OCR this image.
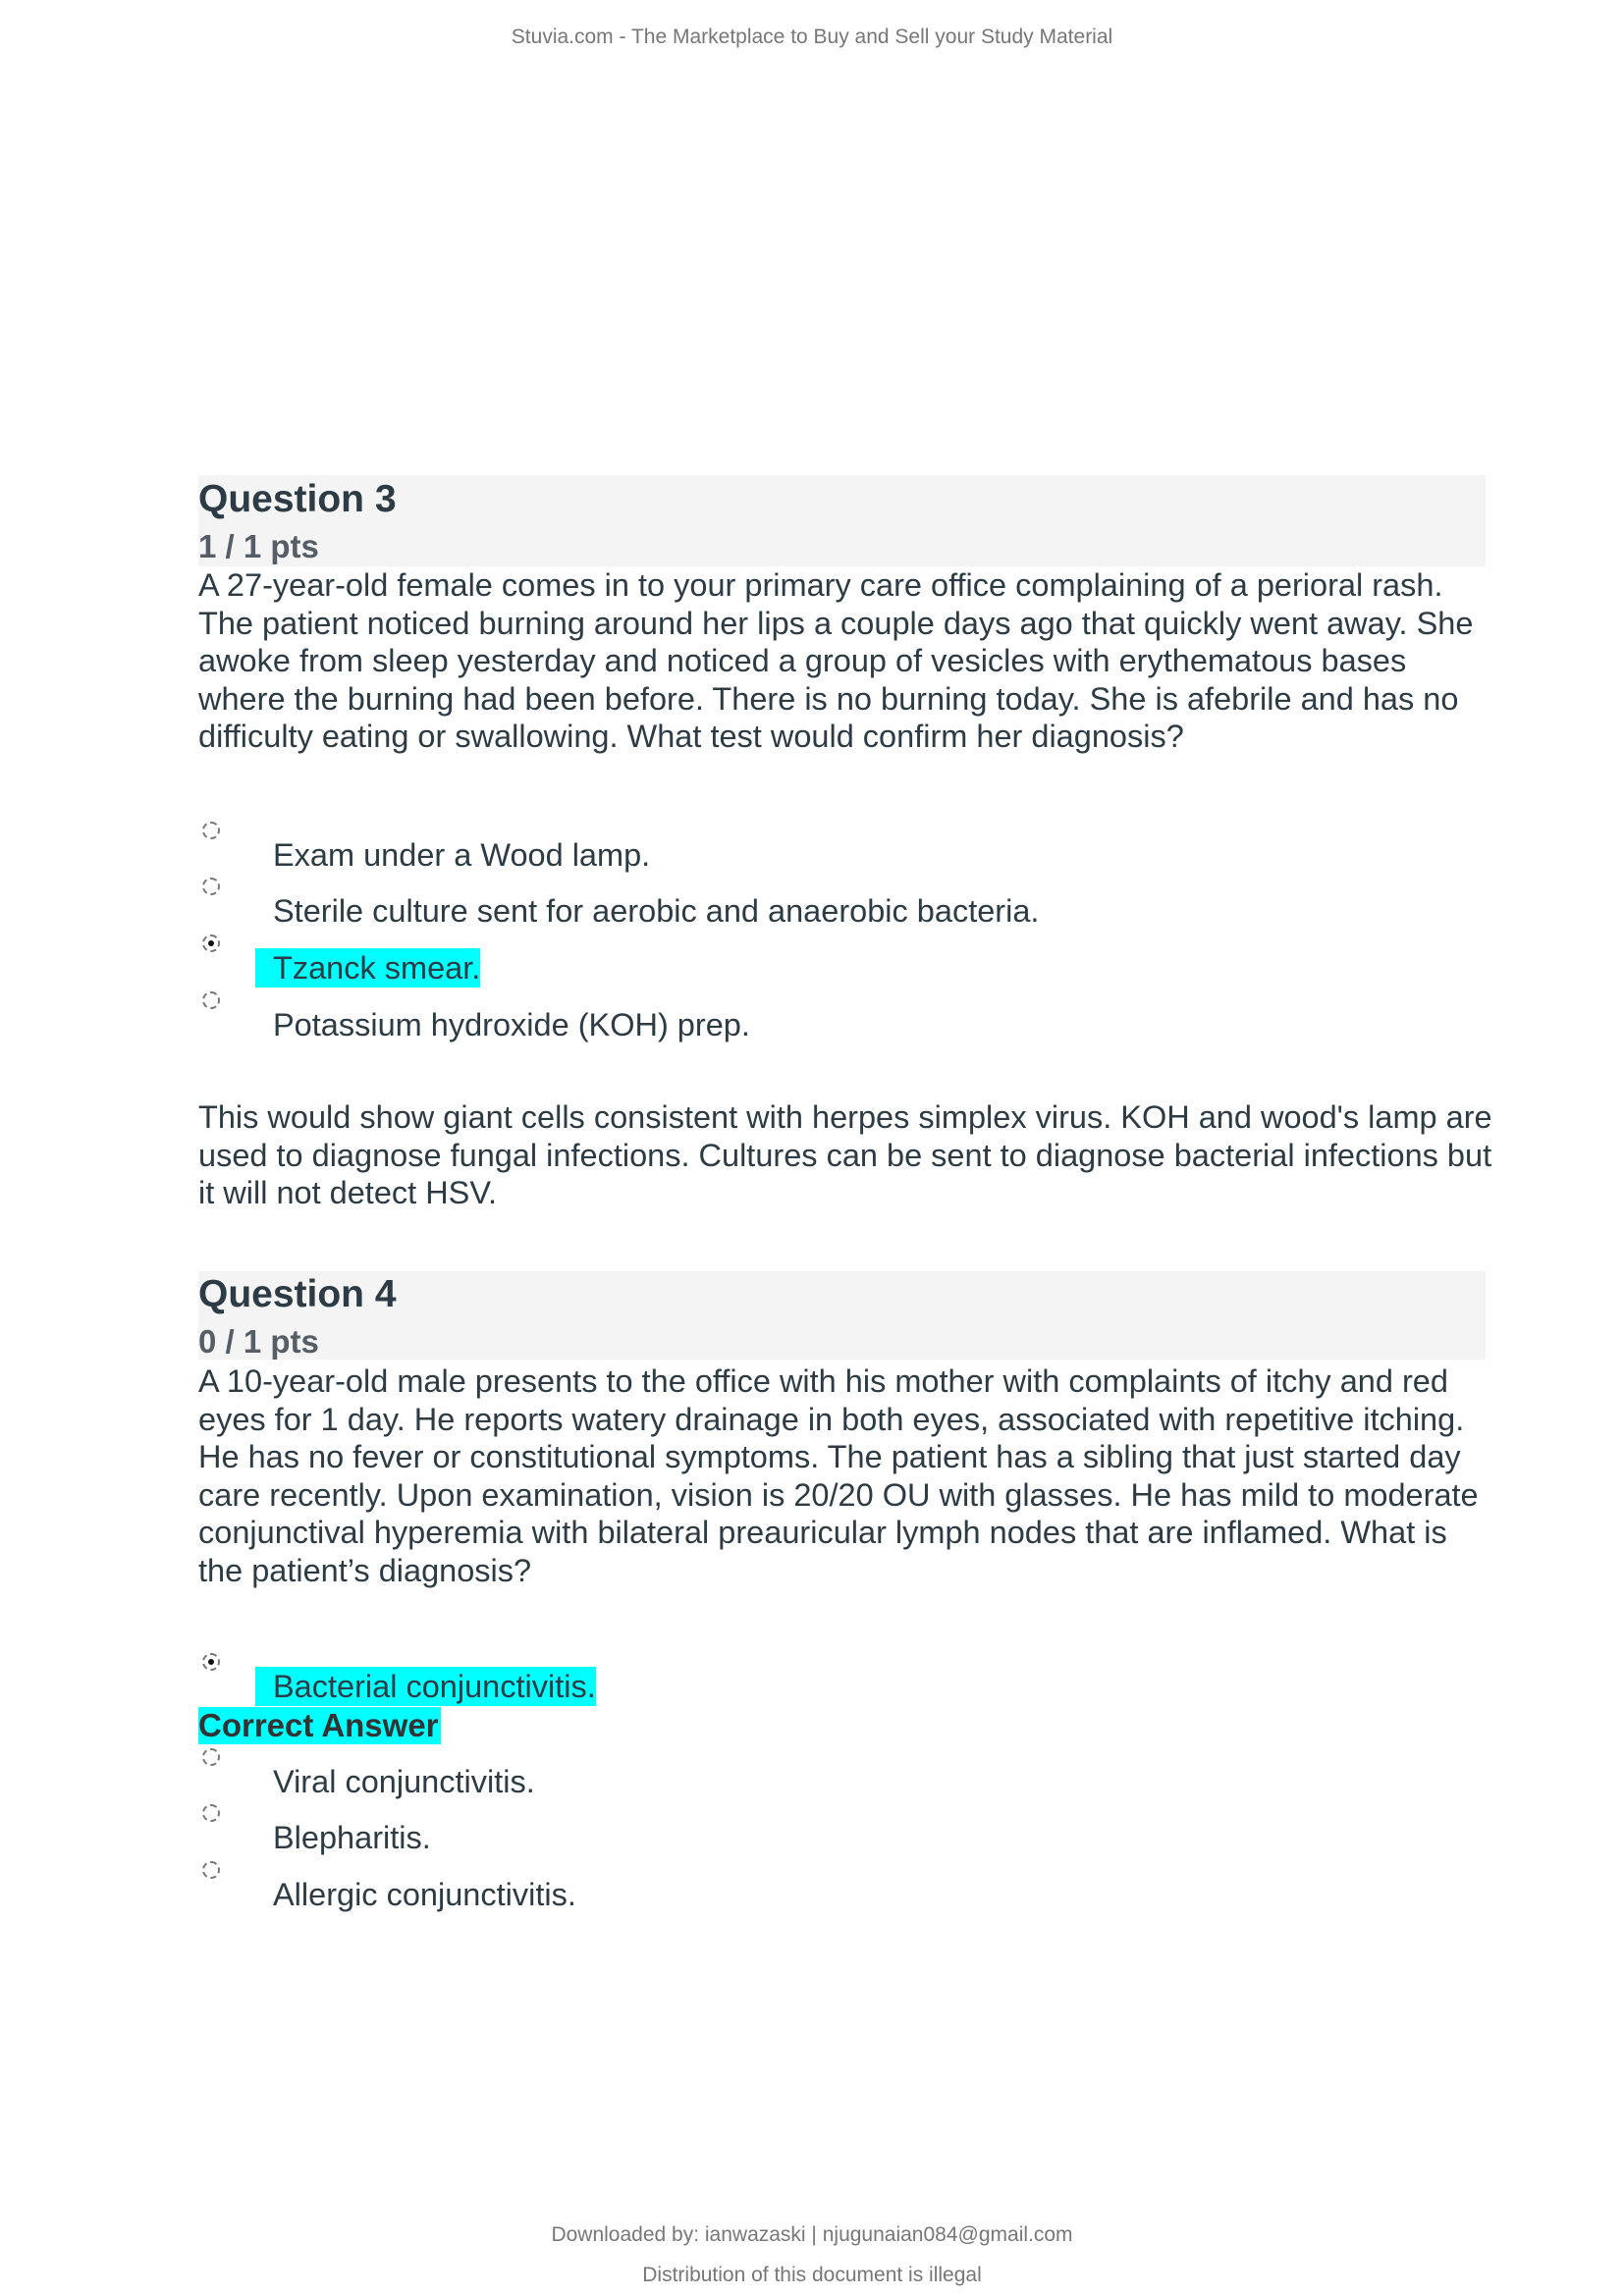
Stuvia.com - The Marketplace to Buy and Sell your Study Material
Question 3
1 / 1 pts
A 27-year-old female comes in to your primary care office complaining of a perioral rash. The patient noticed burning around her lips a couple days ago that quickly went away. She awoke from sleep yesterday and noticed a group of vesicles with erythematous bases where the burning had been before. There is no burning today. She is afebrile and has no difficulty eating or swallowing. What test would confirm her diagnosis?
Exam under a Wood lamp.
Sterile culture sent for aerobic and anaerobic bacteria.
Tzanck smear.
Potassium hydroxide (KOH) prep.
This would show giant cells consistent with herpes simplex virus. KOH and wood's lamp are used to diagnose fungal infections. Cultures can be sent to diagnose bacterial infections but it will not detect HSV.
Question 4
0 / 1 pts
A 10-year-old male presents to the office with his mother with complaints of itchy and red eyes for 1 day. He reports watery drainage in both eyes, associated with repetitive itching. He has no fever or constitutional symptoms. The patient has a sibling that just started day care recently. Upon examination, vision is 20/20 OU with glasses. He has mild to moderate conjunctival hyperemia with bilateral preauricular lymph nodes that are inflamed. What is the patient’s diagnosis?
Bacterial conjunctivitis.
Correct Answer
Viral conjunctivitis.
Blepharitis.
Allergic conjunctivitis.
Downloaded by: ianwazaski | njugunaian084@gmail.com
Distribution of this document is illegal
